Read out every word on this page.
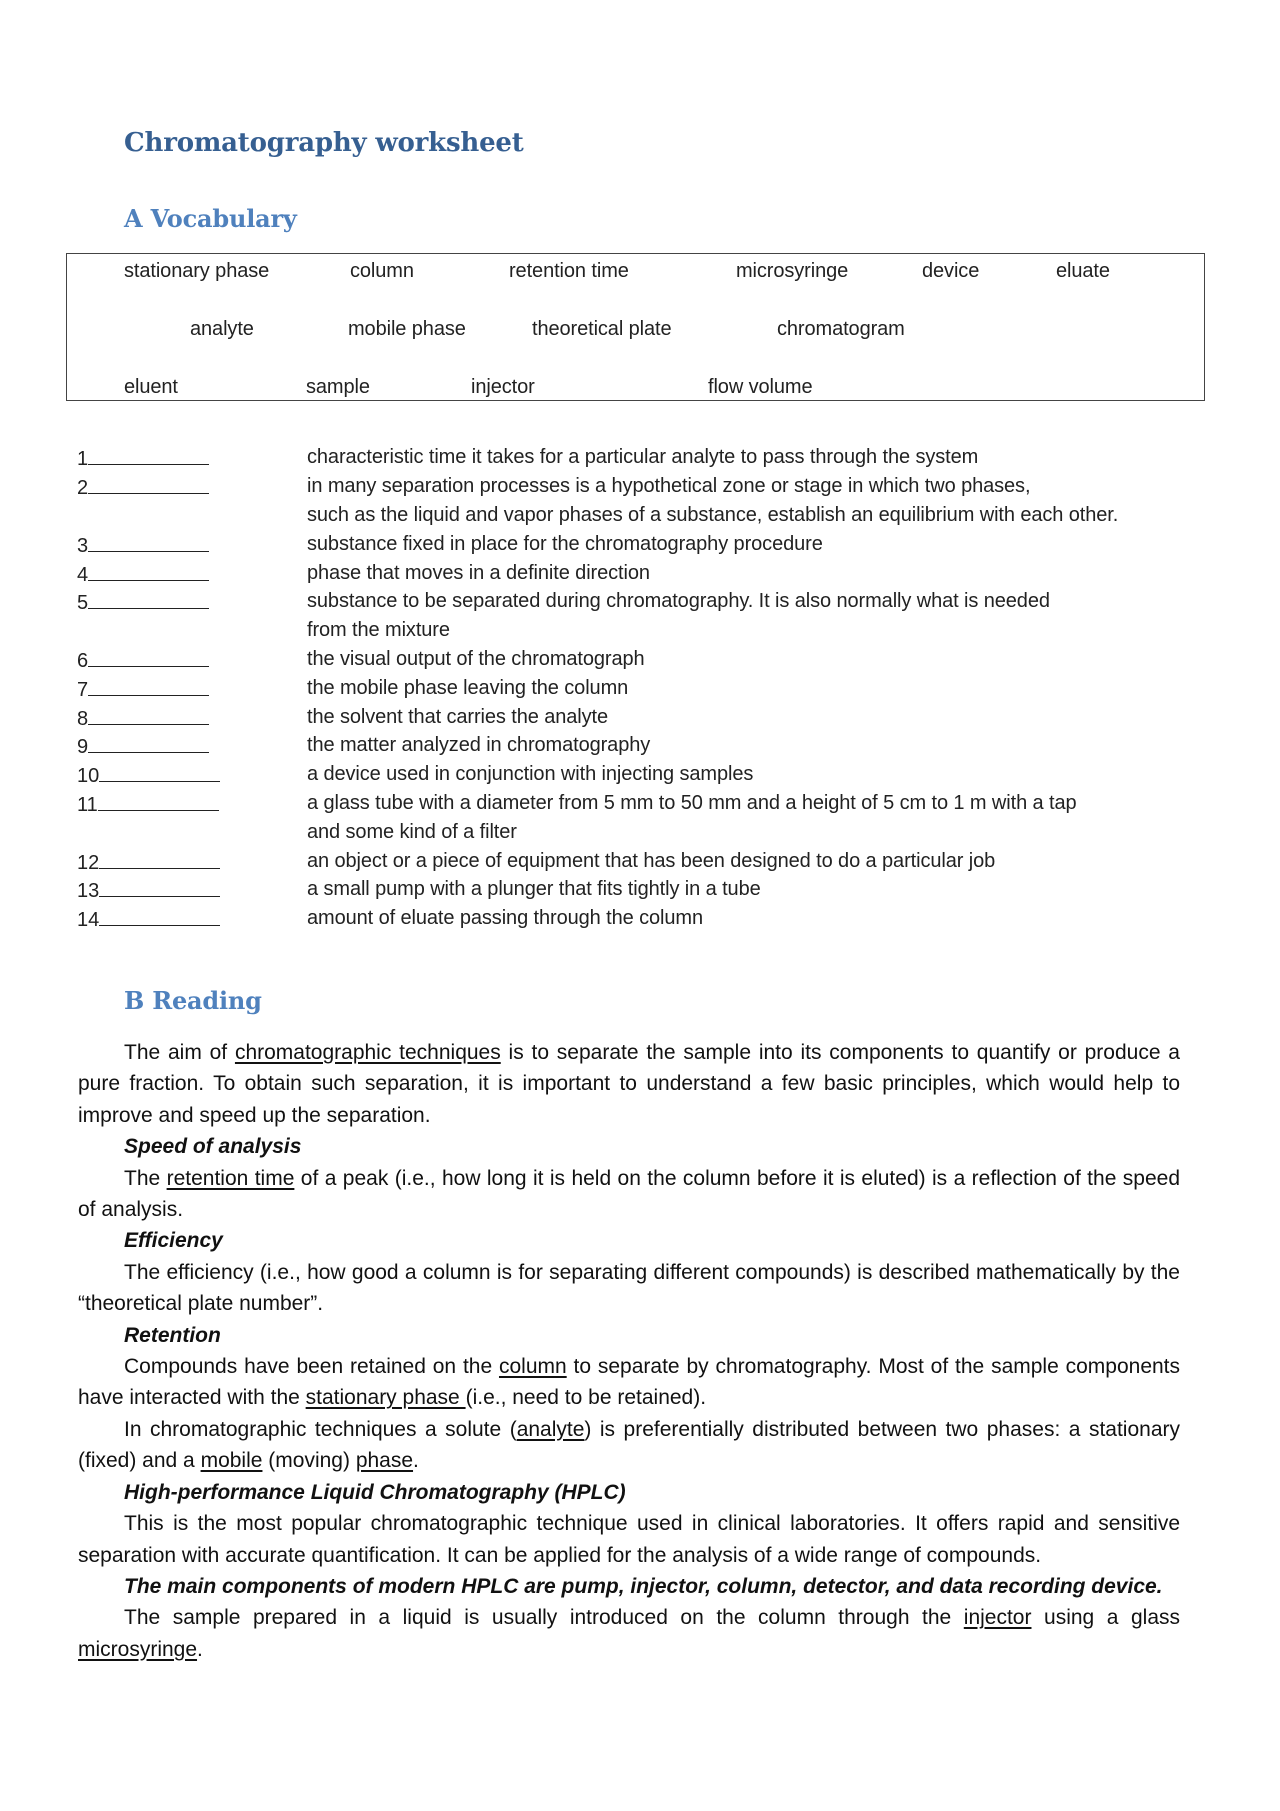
Chromatography worksheet
A Vocabulary
stationary phase	column	retention time	microsyringe	device	eluate
analyte	mobile phase	theoretical plate	chromatogram
eluent	sample	injector	flow volume
1	characteristic time it takes for a particular analyte to pass through the system
2	in many separation processes is a hypothetical zone or stage in which two phases,
such as the liquid and vapor phases of a substance, establish an equilibrium with each other.
3	substance fixed in place for the chromatography procedure
4	phase that moves in a definite direction
5	substance to be separated during chromatography. It is also normally what is needed
from the mixture
6	the visual output of the chromatograph
7	the mobile phase leaving the column
8	the solvent that carries the analyte
9	the matter analyzed in chromatography
10	a device used in conjunction with injecting samples
11	a glass tube with a diameter from 5 mm to 50 mm and a height of 5 cm to 1 m with a tap
and some kind of a filter
12	an object or a piece of equipment that has been designed to do a particular job
13	a small pump with a plunger that fits tightly in a tube
14	amount of eluate passing through the column
B Reading

The aim of chromatographic techniques is to separate the sample into its components to quantify or produce a pure fraction. To obtain such separation, it is important to understand a few basic principles, which would help to improve and speed up the separation.

Speed of analysis

The retention time of a peak (i.e., how long it is held on the column before it is eluted) is a reflection of the speed of analysis.

Efficiency

The efficiency (i.e., how good a column is for separating different compounds) is described mathematically by the “theoretical plate number”.

Retention

Compounds have been retained on the column to separate by chromatography. Most of the sample components have interacted with the stationary phase (i.e., need to be retained).

In chromatographic techniques a solute (analyte) is preferentially distributed between two phases: a stationary (fixed) and a mobile (moving) phase.

High-performance Liquid Chromatography (HPLC)

This is the most popular chromatographic technique used in clinical laboratories. It offers rapid and sensitive separation with accurate quantification. It can be applied for the analysis of a wide range of compounds.

The main components of modern HPLC are pump, injector, column, detector, and data recording device.

The sample prepared in a liquid is usually introduced on the column through the injector using a glass microsyringe.
